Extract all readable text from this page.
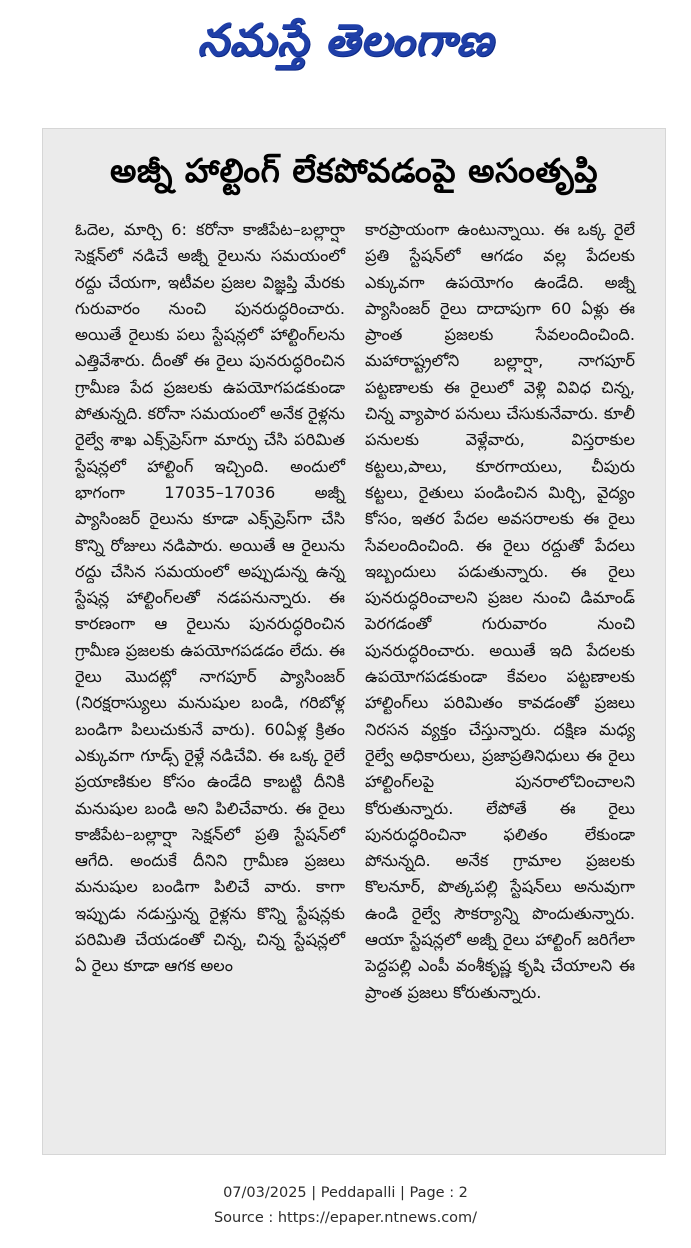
నమస్తే తెలంగాణ
అజ్నీ హాల్టింగ్‌ లేకపోవడంపై అసంతృప్తి

ఓదెల, మార్చి 6: కరోనా కాజీపేట–బల్లార్షా సెక్షన్‌లో నడిచే అజ్నీ రైలును సమయంలో రద్దు చేయగా, ఇటీవల ప్రజల విజ్ఞప్తి మేరకు గురువారం నుంచి పునరుద్ధరించారు. అయితే రైలుకు పలు స్టేషన్లలో హాల్టింగ్‌లను ఎత్తివేశారు. దీంతో ఈ రైలు పునరుద్ధరించిన గ్రామీణ పేద ప్రజలకు ఉపయోగపడకుండా పోతున్నది. కరోనా సమయంలో అనేక రైళ్లను రైల్వే శాఖ ఎక్స్‌ప్రెస్‌గా మార్పు చేసి పరిమిత స్టేషన్లలో హాల్టింగ్‌ ఇచ్చింది. అందులో భాగంగా 17035–17036 అజ్నీ ప్యాసింజర్‌ రైలును కూడా ఎక్స్‌ప్రెస్‌గా చేసి కొన్ని రోజులు నడిపారు. అయితే ఆ రైలును రద్దు చేసిన సమయంలో అప్పుడున్న ఉన్న స్టేషన్ల హాల్టింగ్‌లతో నడపనున్నారు. ఈ కారణంగా ఆ రైలును పునరుద్ధరించిన గ్రామీణ ప్రజలకు ఉపయోగపడడం లేదు. ఈ రైలు మొదట్లో నాగపూర్‌ ప్యాసింజర్‌ (నిరక్షరాస్యులు మనుషుల బండి, గరిబోళ్ల బండిగా పిలుచుకునే వారు). 60ఏళ్ల క్రితం ఎక్కువగా గూడ్స్‌ రైళ్లే నడిచేవి. ఈ ఒక్క రైలే ప్రయాణికుల కోసం ఉండేది కాబట్టి దీనికి మనుషుల బండి అని పిలిచేవారు. ఈ రైలు కాజీపేట–బల్లార్షా సెక్షన్‌లో ప్రతి స్టేషన్‌లో ఆగేది. అందుకే దీనిని గ్రామీణ ప్రజలు మనుషుల బండిగా పిలిచే వారు. కాగా ఇప్పుడు నడుస్తున్న రైళ్లను కొన్ని స్టేషన్లకు పరిమితి చేయడంతో చిన్న, చిన్న స్టేషన్లలో ఏ రైలు కూడా ఆగక అలం

కారప్రాయంగా ఉంటున్నాయి. ఈ ఒక్క రైలే ప్రతి స్టేషన్‌లో ఆగడం వల్ల పేదలకు ఎక్కువగా ఉపయోగం ఉండేది. అజ్నీ ప్యాసింజర్‌ రైలు దాదాపుగా 60 ఏళ్లు ఈ ప్రాంత ప్రజలకు సేవలందించింది. మహారాష్ట్రలోని బల్లార్షా, నాగపూర్‌ పట్టణాలకు ఈ రైలులో వెళ్లి వివిధ చిన్న, చిన్న వ్యాపార పనులు చేసుకునేవారు. కూలీ పనులకు వెళ్లేవారు, విస్తరాకుల కట్టలు,పాలు, కూరగాయలు, చీపురు కట్టలు, రైతులు పండించిన మిర్చి, వైద్యం కోసం, ఇతర పేదల అవసరాలకు ఈ రైలు సేవలందించింది. ఈ రైలు రద్దుతో పేదలు ఇబ్బందులు పడుతున్నారు. ఈ రైలు పునరుద్ధరించాలని ప్రజల నుంచి డిమాండ్‌ పెరగడంతో గురువారం నుంచి పునరుద్ధరించారు. అయితే ఇది పేదలకు ఉపయోగపడకుండా కేవలం పట్టణాలకు హాల్టింగ్‌లు పరిమితం కావడంతో ప్రజలు నిరసన వ్యక్తం చేస్తున్నారు. దక్షిణ మధ్య రైల్వే అధికారులు, ప్రజాప్రతినిధులు ఈ రైలు హాల్టింగ్‌లపై పునరాలోచించాలని కోరుతున్నారు. లేపోతే ఈ రైలు పునరుద్ధరించినా ఫలితం లేకుండా పోనున్నది. అనేక గ్రామాల ప్రజలకు కొలనూర్‌, పొత్కపల్లి స్టేషన్‌లు అనువుగా ఉండి రైల్వే సౌకర్యాన్ని పొందుతున్నారు. ఆయా స్టేషన్లలో అజ్నీ రైలు హాల్టింగ్‌ జరిగేలా పెద్దపల్లి ఎంపీ వంశీకృష్ణ కృషి చేయాలని ఈ ప్రాంత ప్రజలు కోరుతున్నారు.

07/03/2025 | Peddapalli | Page : 2
Source : https://epaper.ntnews.com/
